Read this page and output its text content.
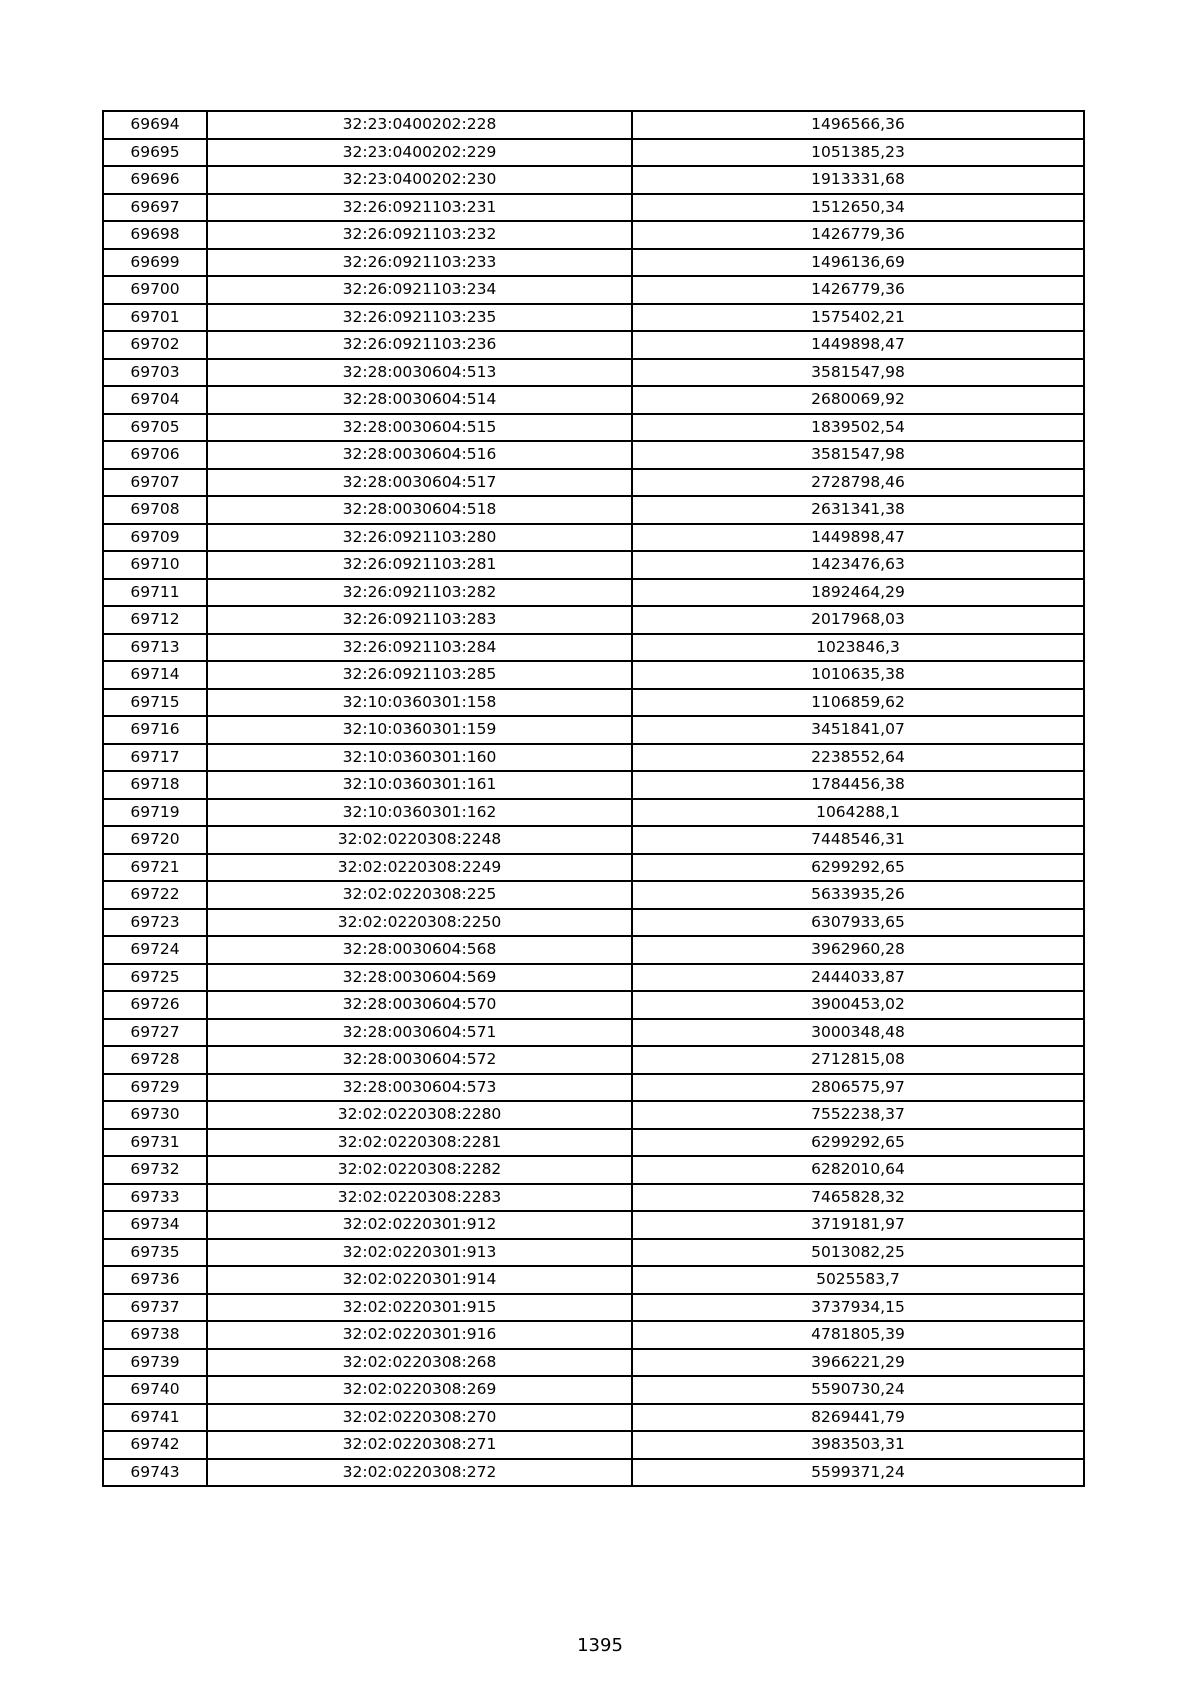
69694	32:23:0400202:228	1496566,36
69695	32:23:0400202:229	1051385,23
69696	32:23:0400202:230	1913331,68
69697	32:26:0921103:231	1512650,34
69698	32:26:0921103:232	1426779,36
69699	32:26:0921103:233	1496136,69
69700	32:26:0921103:234	1426779,36
69701	32:26:0921103:235	1575402,21
69702	32:26:0921103:236	1449898,47
69703	32:28:0030604:513	3581547,98
69704	32:28:0030604:514	2680069,92
69705	32:28:0030604:515	1839502,54
69706	32:28:0030604:516	3581547,98
69707	32:28:0030604:517	2728798,46
69708	32:28:0030604:518	2631341,38
69709	32:26:0921103:280	1449898,47
69710	32:26:0921103:281	1423476,63
69711	32:26:0921103:282	1892464,29
69712	32:26:0921103:283	2017968,03
69713	32:26:0921103:284	1023846,3
69714	32:26:0921103:285	1010635,38
69715	32:10:0360301:158	1106859,62
69716	32:10:0360301:159	3451841,07
69717	32:10:0360301:160	2238552,64
69718	32:10:0360301:161	1784456,38
69719	32:10:0360301:162	1064288,1
69720	32:02:0220308:2248	7448546,31
69721	32:02:0220308:2249	6299292,65
69722	32:02:0220308:225	5633935,26
69723	32:02:0220308:2250	6307933,65
69724	32:28:0030604:568	3962960,28
69725	32:28:0030604:569	2444033,87
69726	32:28:0030604:570	3900453,02
69727	32:28:0030604:571	3000348,48
69728	32:28:0030604:572	2712815,08
69729	32:28:0030604:573	2806575,97
69730	32:02:0220308:2280	7552238,37
69731	32:02:0220308:2281	6299292,65
69732	32:02:0220308:2282	6282010,64
69733	32:02:0220308:2283	7465828,32
69734	32:02:0220301:912	3719181,97
69735	32:02:0220301:913	5013082,25
69736	32:02:0220301:914	5025583,7
69737	32:02:0220301:915	3737934,15
69738	32:02:0220301:916	4781805,39
69739	32:02:0220308:268	3966221,29
69740	32:02:0220308:269	5590730,24
69741	32:02:0220308:270	8269441,79
69742	32:02:0220308:271	3983503,31
69743	32:02:0220308:272	5599371,24
1395
